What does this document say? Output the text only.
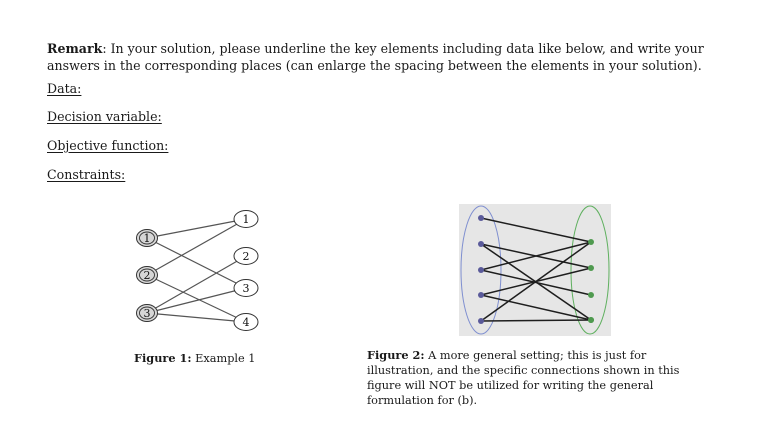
Remark: In your solution, please underline the key elements including data like below, and write your answers in the corresponding places (can enlarge the spacing between the elements in your solution).
Data:
Decision variable:
Objective function:
Constraints:
1
2
3
1
2
3
4
Figure 1: Example 1	Figure 2: A more general setting; this is just for illustration, and the specific connections shown in this figure will NOT be utilized for writing the general formulation for (b).
